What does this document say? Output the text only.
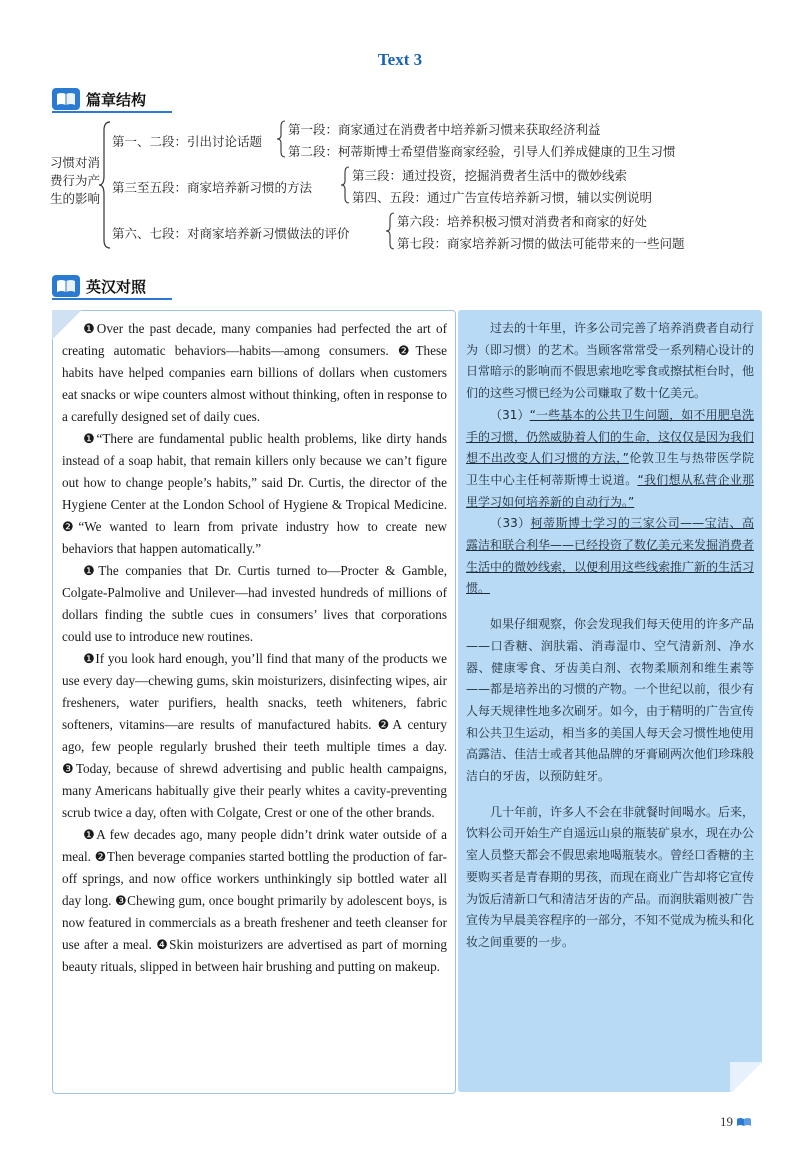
Text 3
篇章结构
习惯对消费行为产生的影响
第一、二段：引出讨论话题
第一段：商家通过在消费者中培养新习惯来获取经济利益
第二段：柯蒂斯博士希望借鉴商家经验，引导人们养成健康的卫生习惯
第三至五段：商家培养新习惯的方法
第三段：通过投资，挖掘消费者生活中的微妙线索
第四、五段：通过广告宣传培养新习惯，辅以实例说明
第六、七段：对商家培养新习惯做法的评价
第六段：培养积极习惯对消费者和商家的好处
第七段：商家培养新习惯的做法可能带来的一些问题
英汉对照

❶Over the past decade, many companies had perfected the art of creating automatic behaviors—habits—among consumers. ❷These habits have helped companies earn billions of dollars when customers eat snacks or wipe counters almost without thinking, often in response to a carefully designed set of daily cues.

❶“There are fundamental public health problems, like dirty hands instead of a soap habit, that remain killers only because we can’t figure out how to change people’s habits,” said Dr. Curtis, the director of the Hygiene Center at the London School of Hygiene & Tropical Medicine. ❷“We wanted to learn from private industry how to create new behaviors that happen automatically.”

❶The companies that Dr. Curtis turned to—Procter & Gamble, Colgate-Palmolive and Unilever—had invested hundreds of millions of dollars finding the subtle cues in consumers’ lives that corporations could use to introduce new routines.

❶If you look hard enough, you’ll find that many of the products we use every day—chewing gums, skin moisturizers, disinfecting wipes, air fresheners, water purifiers, health snacks, teeth whiteners, fabric softeners, vitamins—are results of manufactured habits. ❷A century ago, few people regularly brushed their teeth multiple times a day. ❸Today, because of shrewd advertising and public health campaigns, many Americans habitually give their pearly whites a cavity-preventing scrub twice a day, often with Colgate, Crest or one of the other brands.

❶A few decades ago, many people didn’t drink water outside of a meal. ❷Then beverage companies started bottling the production of far-off springs, and now office workers unthinkingly sip bottled water all day long. ❸Chewing gum, once bought primarily by adolescent boys, is now featured in commercials as a breath freshener and teeth cleanser for use after a meal. ❹Skin moisturizers are advertised as part of morning beauty rituals, slipped in between hair brushing and putting on makeup.

过去的十年里，许多公司完善了培养消费者自动行为（即习惯）的艺术。当顾客常常受一系列精心设计的日常暗示的影响而不假思索地吃零食或擦拭柜台时，他们的这些习惯已经为公司赚取了数十亿美元。

（31）“一些基本的公共卫生问题，如不用肥皂洗手的习惯，仍然威胁着人们的生命，这仅仅是因为我们想不出改变人们习惯的方法，”伦敦卫生与热带医学院卫生中心主任柯蒂斯博士说道。“我们想从私营企业那里学习如何培养新的自动行为。”

（33）柯蒂斯博士学习的三家公司——宝洁、高露洁和联合利华——已经投资了数亿美元来发掘消费者生活中的微妙线索，以便利用这些线索推广新的生活习惯。

如果仔细观察，你会发现我们每天使用的许多产品——口香糖、润肤霜、消毒湿巾、空气清新剂、净水器、健康零食、牙齿美白剂、衣物柔顺剂和维生素等——都是培养出的习惯的产物。一个世纪以前，很少有人每天规律性地多次刷牙。如今，由于精明的广告宣传和公共卫生运动，相当多的美国人每天会习惯性地使用高露洁、佳洁士或者其他品牌的牙膏刷两次他们珍珠般洁白的牙齿，以预防蛀牙。

几十年前，许多人不会在非就餐时间喝水。后来，饮料公司开始生产自遥远山泉的瓶装矿泉水，现在办公室人员整天都会不假思索地喝瓶装水。曾经口香糖的主要购买者是青春期的男孩，而现在商业广告却将它宣传为饭后清新口气和清洁牙齿的产品。而润肤霜则被广告宣传为早晨美容程序的一部分，不知不觉成为梳头和化妆之间重要的一步。

19
